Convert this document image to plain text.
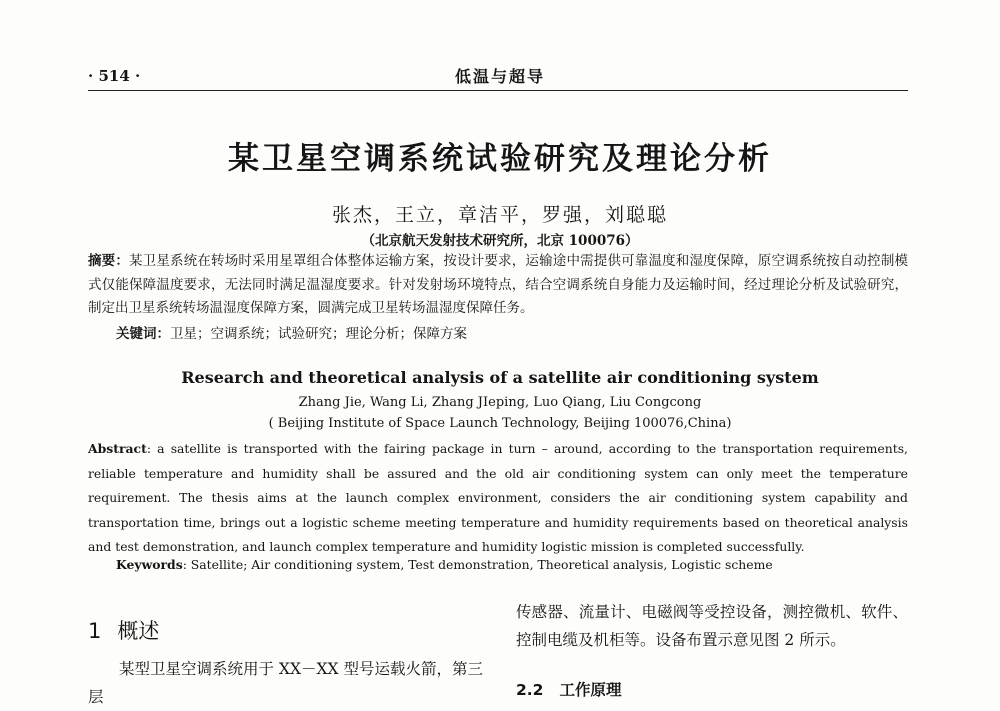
· 514 ·	低温与超导
某卫星空调系统试验研究及理论分析
张杰，王立，章洁平，罗强，刘聪聪
（北京航天发射技术研究所，北京 100076）
摘要：某卫星系统在转场时采用星罩组合体整体运输方案，按设计要求，运输途中需提供可靠温度和湿度保障，原空调系统按自动控制模式仅能保障温度要求，无法同时满足温湿度要求。针对发射场环境特点，结合空调系统自身能力及运输时间，经过理论分析及试验研究，制定出卫星系统转场温湿度保障方案，圆满完成卫星转场温湿度保障任务。
关键词：卫星；空调系统；试验研究；理论分析；保障方案
Research and theoretical analysis of a satellite air conditioning system
Zhang Jie, Wang Li, Zhang JIeping, Luo Qiang, Liu Congcong
( Beijing Institute of Space Launch Technology, Beijing 100076,China)
Abstract: a satellite is transported with the fairing package in turn – around, according to the transportation requirements, reliable temperature and humidity shall be assured and the old air conditioning system can only meet the temperature requirement. The thesis aims at the launch complex environment, considers the air conditioning system capability and transportation time, brings out a logistic scheme meeting temperature and humidity requirements based on theoretical analysis and test demonstration, and launch complex temperature and humidity logistic mission is completed successfully.
Keywords: Satellite; Air conditioning system, Test demonstration, Theoretical analysis, Logistic scheme
1 概述
某型卫星空调系统用于 XX－XX 型号运载火箭，第三层
传感器、流量计、电磁阀等受控设备，测控微机、软件、控制电缆及机柜等。设备布置示意见图 2 所示。
2.2 工作原理
